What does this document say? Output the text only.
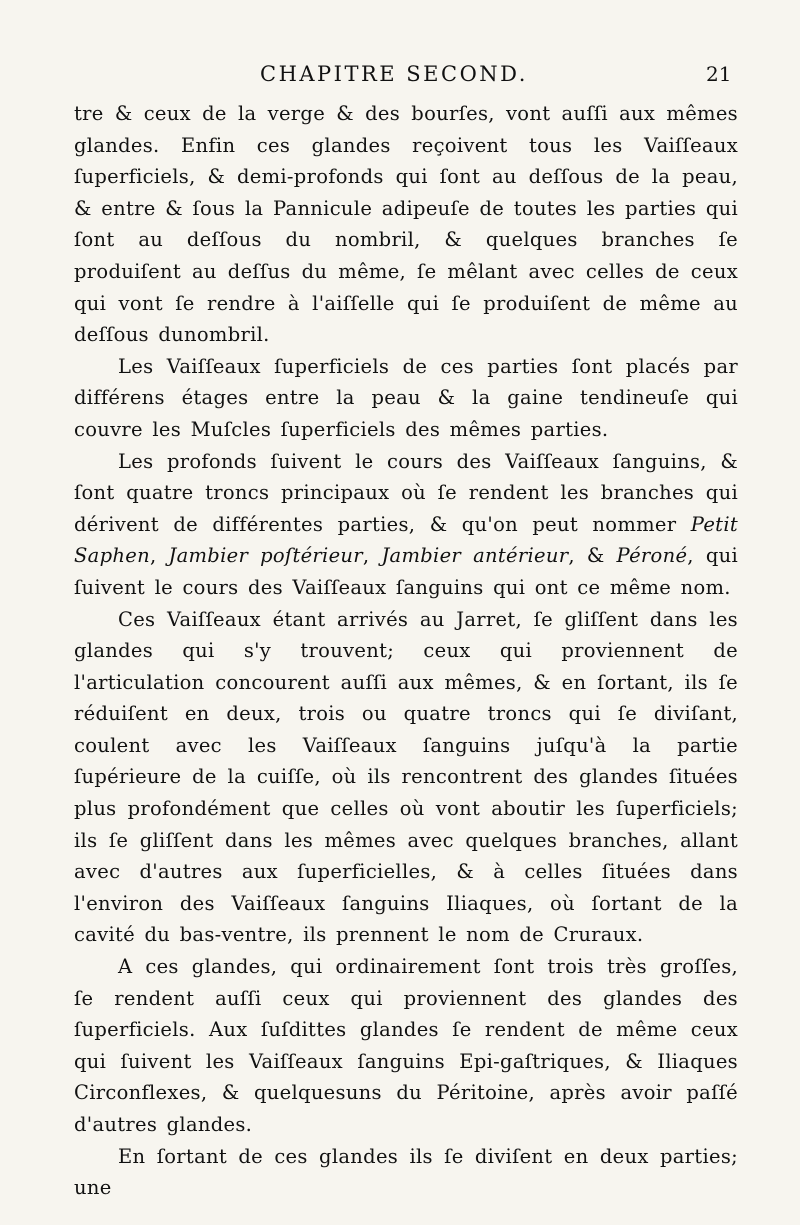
CHAPITRE SECOND.	21

tre & ceux de la verge & des bourſes, vont auſſi aux mêmes glandes. Enfin ces glandes reçoivent tous les Vaiſſeaux ſuperficiels, & demi-profonds qui ſont au deſſous de la peau, & entre & ſous la Pannicule adipeuſe de toutes les parties qui ſont au deſſous du nombril, & quelques branches ſe produiſent au deſſus du même, ſe mêlant avec celles de ceux qui vont ſe rendre à l'aiſſelle qui ſe produiſent de même au deſſous dunombril.

Les Vaiſſeaux ſuperficiels de ces parties ſont placés par différens étages entre la peau & la gaine tendineuſe qui couvre les Muſcles ſuperficiels des mêmes parties.

Les profonds ſuivent le cours des Vaiſſeaux ſanguins, & ſont quatre troncs principaux où ſe rendent les branches qui dérivent de différentes parties, & qu'on peut nommer Petit Saphen, Jambier poſtérieur, Jambier antérieur, & Péroné, qui ſuivent le cours des Vaiſſeaux ſanguins qui ont ce même nom.

Ces Vaiſſeaux étant arrivés au Jarret, ſe gliſſent dans les glandes qui s'y trouvent; ceux qui proviennent de l'articulation concourent auſſi aux mêmes, & en ſortant, ils ſe réduiſent en deux, trois ou quatre troncs qui ſe diviſant, coulent avec les Vaiſſeaux ſanguins juſqu'à la partie ſupérieure de la cuiſſe, où ils rencontrent des glandes ſituées plus profondément que celles où vont aboutir les ſuperficiels; ils ſe gliſſent dans les mêmes avec quelques branches, allant avec d'autres aux ſuperficielles, & à celles ſituées dans l'environ des Vaiſſeaux ſanguins Iliaques, où ſortant de la cavité du bas-ventre, ils prennent le nom de Cruraux.

A ces glandes, qui ordinairement ſont trois très groſſes, ſe rendent auſſi ceux qui proviennent des glandes des ſuperficiels. Aux ſuſdittes glandes ſe rendent de même ceux qui ſuivent les Vaiſſeaux ſanguins Epi-gaſtriques, & Iliaques Circonflexes, & quelquesuns du Péritoine, après avoir paſſé d'autres glandes.

En ſortant de ces glandes ils ſe diviſent en deux parties; une
